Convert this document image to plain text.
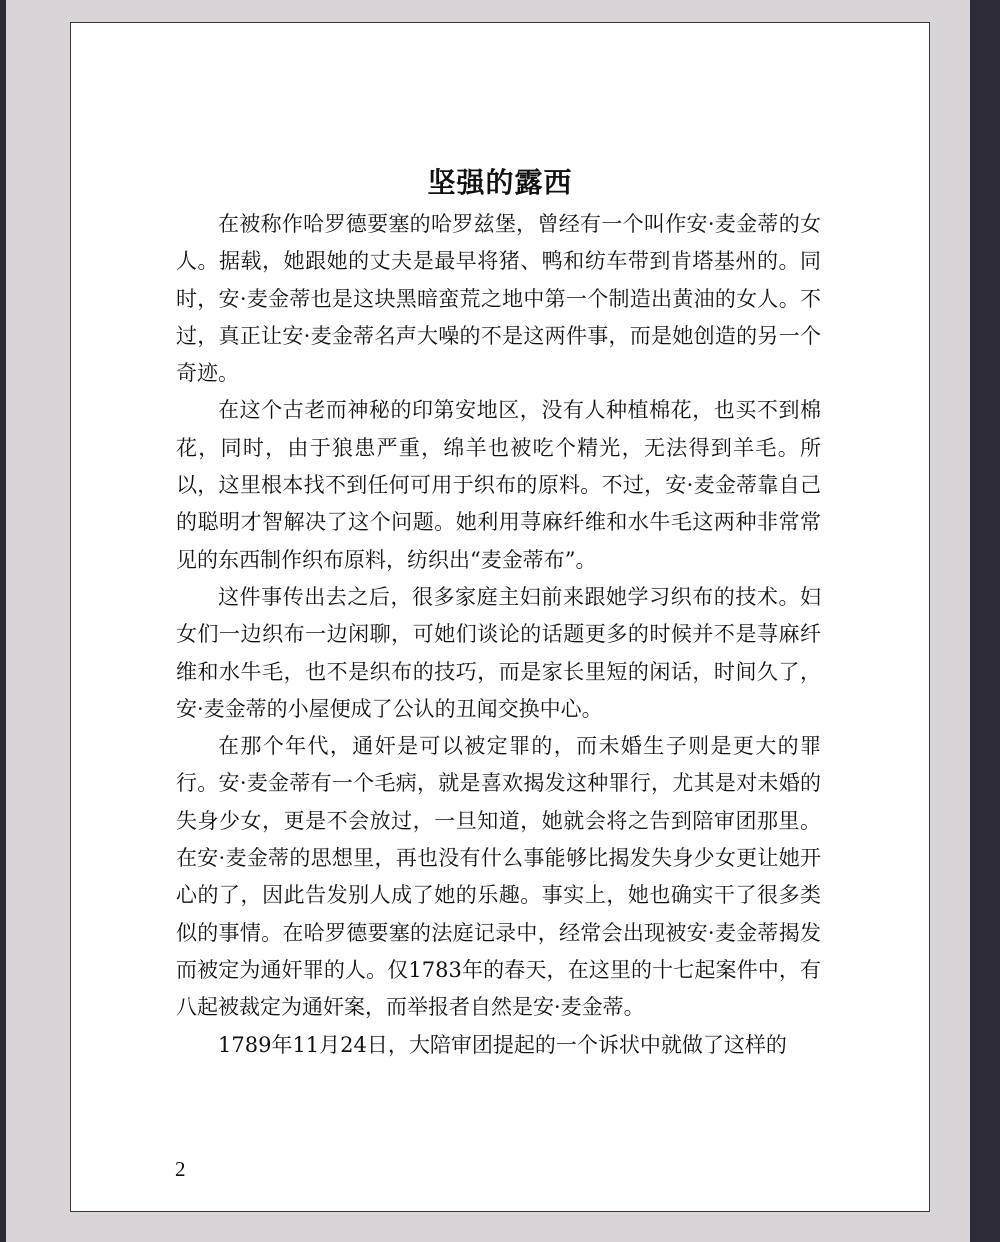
坚强的露西

在被称作哈罗德要塞的哈罗兹堡，曾经有一个叫作安·麦金蒂的女人。据载，她跟她的丈夫是最早将猪、鸭和纺车带到肯塔基州的。同时，安·麦金蒂也是这块黑暗蛮荒之地中第一个制造出黄油的女人。不过，真正让安·麦金蒂名声大噪的不是这两件事，而是她创造的另一个奇迹。

在这个古老而神秘的印第安地区，没有人种植棉花，也买不到棉花，同时，由于狼患严重，绵羊也被吃个精光，无法得到羊毛。所以，这里根本找不到任何可用于织布的原料。不过，安·麦金蒂靠自己的聪明才智解决了这个问题。她利用荨麻纤维和水牛毛这两种非常常见的东西制作织布原料，纺织出“麦金蒂布”。

这件事传出去之后，很多家庭主妇前来跟她学习织布的技术。妇女们一边织布一边闲聊，可她们谈论的话题更多的时候并不是荨麻纤维和水牛毛，也不是织布的技巧，而是家长里短的闲话，时间久了，安·麦金蒂的小屋便成了公认的丑闻交换中心。

在那个年代，通奸是可以被定罪的，而未婚生子则是更大的罪行。安·麦金蒂有一个毛病，就是喜欢揭发这种罪行，尤其是对未婚的失身少女，更是不会放过，一旦知道，她就会将之告到陪审团那里。在安·麦金蒂的思想里，再也没有什么事能够比揭发失身少女更让她开心的了，因此告发别人成了她的乐趣。事实上，她也确实干了很多类似的事情。在哈罗德要塞的法庭记录中，经常会出现被安·麦金蒂揭发而被定为通奸罪的人。仅1783年的春天，在这里的十七起案件中，有八起被裁定为通奸案，而举报者自然是安·麦金蒂。

1789年11月24日，大陪审团提起的一个诉状中就做了这样的

2
